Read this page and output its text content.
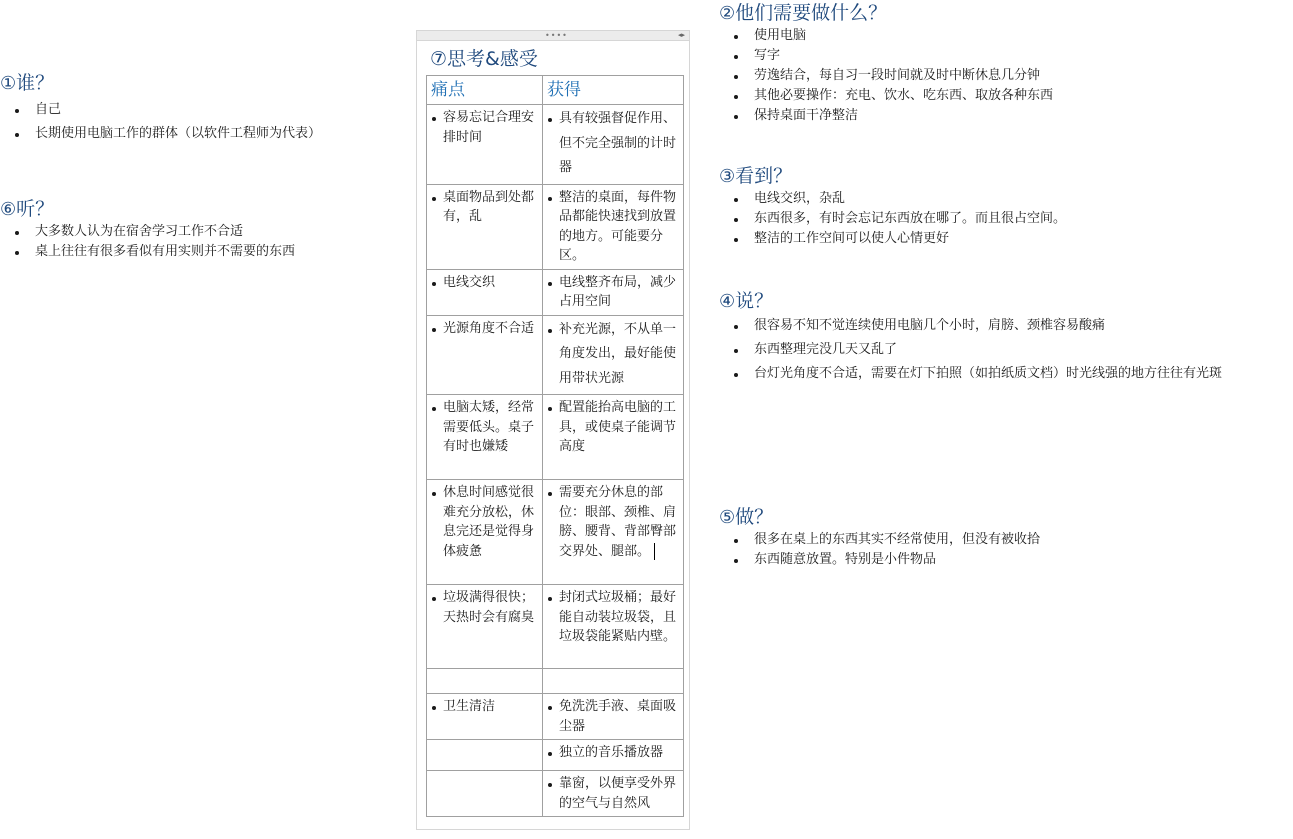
①谁？
自己
长期使用电脑工作的群体（以软件工程师为代表）
⑥听？
大多数人认为在宿舍学习工作不合适
桌上往往有很多看似有用实则并不需要的东西
②他们需要做什么？
使用电脑
写字
劳逸结合，每自习一段时间就及时中断休息几分钟
其他必要操作：充电、饮水、吃东西、取放各种东西
保持桌面干净整洁
③看到？
电线交织，杂乱
东西很多，有时会忘记东西放在哪了。而且很占空间。
整洁的工作空间可以使人心情更好
④说？
很容易不知不觉连续使用电脑几个小时，肩膀、颈椎容易酸痛
东西整理完没几天又乱了
台灯光角度不合适，需要在灯下拍照（如拍纸质文档）时光线强的地方往往有光斑
⑤做？
很多在桌上的东西其实不经常使用，但没有被收拾
东西随意放置。特别是小件物品
••••	◂▸
⑦思考&感受
痛点	获得

容易忘记合理安排时间	具有较强督促作用、但不完全强制的计时器

桌面物品到处都有，乱	整洁的桌面，每件物品都能快速找到放置的地方。可能要分区。

电线交织	电线整齐布局，减少占用空间

光源角度不合适	补充光源，不从单一角度发出，最好能使用带状光源

电脑太矮，经常需要低头。桌子有时也嫌矮	配置能抬高电脑的工具，或使桌子能调节高度

休息时间感觉很难充分放松，休息完还是觉得身体疲惫	需要充分休息的部位：眼部、颈椎、肩膀、腰背、背部臀部交界处、腿部。

垃圾满得很快；天热时会有腐臭	封闭式垃圾桶；最好能自动装垃圾袋，且垃圾袋能紧贴内壁。

卫生清洁	免洗洗手液、桌面吸尘器

	独立的音乐播放器

	靠窗，以便享受外界的空气与自然风
